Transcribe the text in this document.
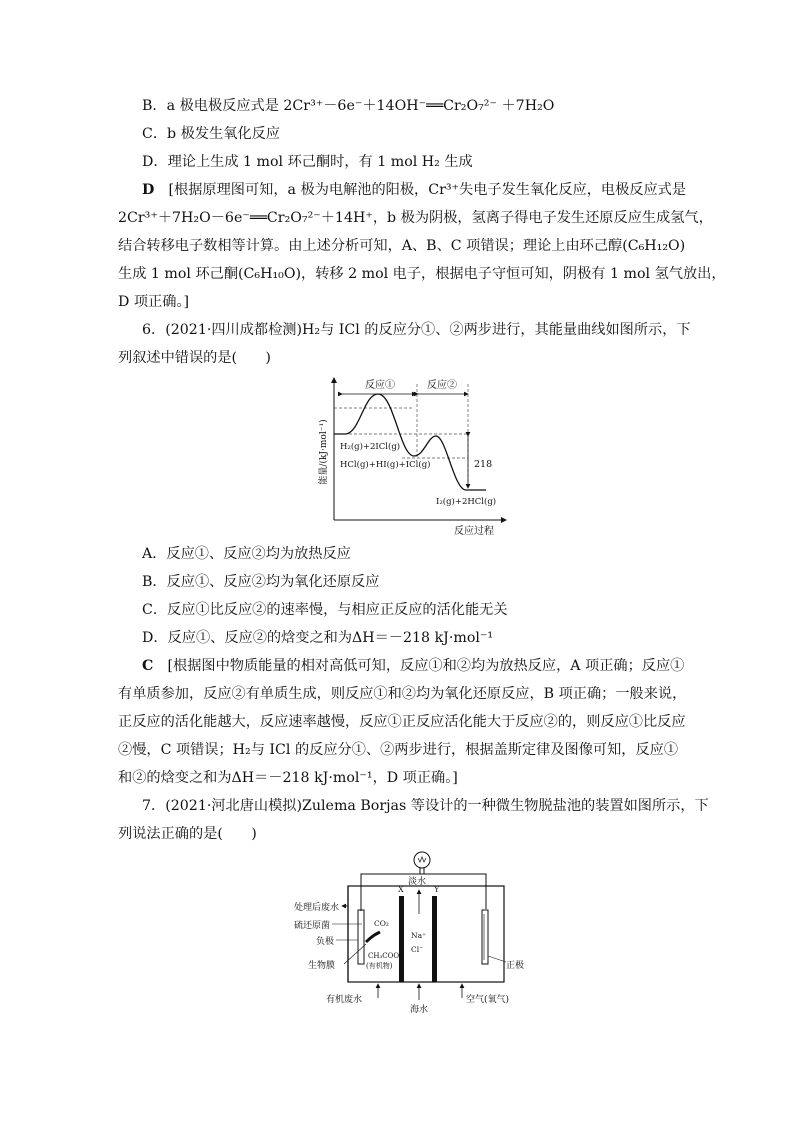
B．a 极电极反应式是 2Cr³⁺－6e⁻＋14OH⁻══Cr₂O₇²⁻ ＋7H₂O
C．b 极发生氧化反应
D．理论上生成 1 mol 环己酮时，有 1 mol H₂ 生成
D　 [根据原理图可知，a 极为电解池的阳极，Cr³⁺失电子发生氧化反应，电极反应式是
2Cr³⁺＋7H₂O－6e⁻══Cr₂O₇²⁻＋14H⁺，b 极为阴极，氢离子得电子发生还原反应生成氢气，
结合转移电子数相等计算。由上述分析可知，A、B、C 项错误；理论上由环己醇(C₆H₁₂O)
生成 1 mol 环己酮(C₆H₁₀O)，转移 2 mol 电子，根据电子守恒可知，阴极有 1 mol 氢气放出，
D 项正确。]
6．(2021·四川成都检测)H₂与 ICl 的反应分①、②两步进行，其能量曲线如图所示，下
列叙述中错误的是(　　)
能量/(kJ·mol⁻¹)
反应过程
反应①	反应②
218
H₂(g)+2ICl(g)
HCl(g)+HI(g)+ICl(g)
I₂(g)+2HCl(g)
A．反应①、反应②均为放热反应
B．反应①、反应②均为氧化还原反应
C．反应①比反应②的速率慢，与相应正反应的活化能无关
D．反应①、反应②的焓变之和为ΔH＝－218 kJ·mol⁻¹
C　 [根据图中物质能量的相对高低可知，反应①和②均为放热反应，A 项正确；反应①
有单质参加，反应②有单质生成，则反应①和②均为氧化还原反应，B 项正确；一般来说，
正反应的活化能越大，反应速率越慢，反应①正反应活化能大于反应②的，则反应①比反应
②慢，C 项错误；H₂与 ICl 的反应分①、②两步进行，根据盖斯定律及图像可知，反应①
和②的焓变之和为ΔH＝－218 kJ·mol⁻¹，D 项正确。]
7．(2021·河北唐山模拟)Zulema Borjas 等设计的一种微生物脱盐池的装置如图所示，下
列说法正确的是(　　)
X	Y
淡水
CO₂
CH₃COO⁻
(有机物)
Na⁺
Cl⁻
处理后废水
硫还原菌
负极
生物膜	正极
有机废水
海水
空气(氧气)
